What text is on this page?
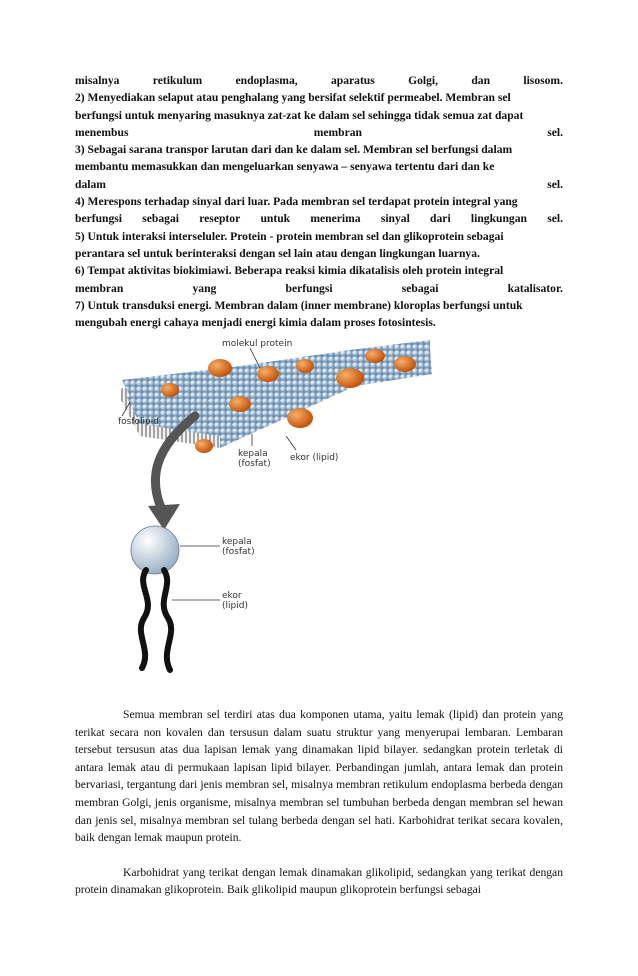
misalnya	retikulum	endoplasma,	aparatus	Golgi,	dan	lisosom.
2) Menyediakan selaput atau penghalang yang bersifat selektif permeabel. Membran sel
berfungsi untuk menyaring masuknya zat-zat ke dalam sel sehingga tidak semua zat dapat
menembus	membran	sel.
3) Sebagai sarana transpor larutan dari dan ke dalam sel. Membran sel berfungsi dalam
membantu memasukkan dan mengeluarkan senyawa – senyawa tertentu dari dan ke
dalam	sel.
4) Merespons terhadap sinyal dari luar. Pada membran sel terdapat protein integral yang
berfungsi sebagai reseptor untuk menerima sinyal dari lingkungan sel.
5) Untuk interaksi interseluler. Protein - protein membran sel dan glikoprotein sebagai
perantara sel untuk berinteraksi dengan sel lain atau dengan lingkungan luarnya.
6) Tempat aktivitas biokimiawi. Beberapa reaksi kimia dikatalisis oleh protein integral
membran	yang	berfungsi	sebagai	katalisator.
7) Untuk transduksi energi. Membran dalam (inner membrane) kloroplas berfungsi untuk
mengubah energi cahaya menjadi energi kimia dalam proses fotosintesis.
molekul protein
fosfolipid
kepala
(fosfat)
ekor (lipid)
kepala
(fosfat)
ekor
(lipid)

Semua membran sel terdiri atas dua komponen utama, yaitu lemak (lipid) dan protein yang terikat secara non kovalen dan tersusun dalam suatu struktur yang menyerupai lembaran. Lembaran tersebut tersusun atas dua lapisan lemak yang dinamakan lipid bilayer. sedangkan protein terletak di antara lemak atau di permukaan lapisan lipid bilayer. Perbandingan jumlah, antara lemak dan protein bervariasi, tergantung dari jenis membran sel, misalnya membran retikulum endoplasma berbeda dengan membran Golgi, jenis organisme, misalnya membran sel tumbuhan berbeda dengan membran sel hewan dan jenis sel, misalnya membran sel tulang berbeda dengan sel hati. Karbohidrat terikat secara kovalen, baik dengan lemak maupun protein.

Karbohidrat yang terikat dengan lemak dinamakan glikolipid, sedangkan yang terikat dengan protein dinamakan glikoprotein. Baik glikolipid maupun glikoprotein berfungsi sebagai
